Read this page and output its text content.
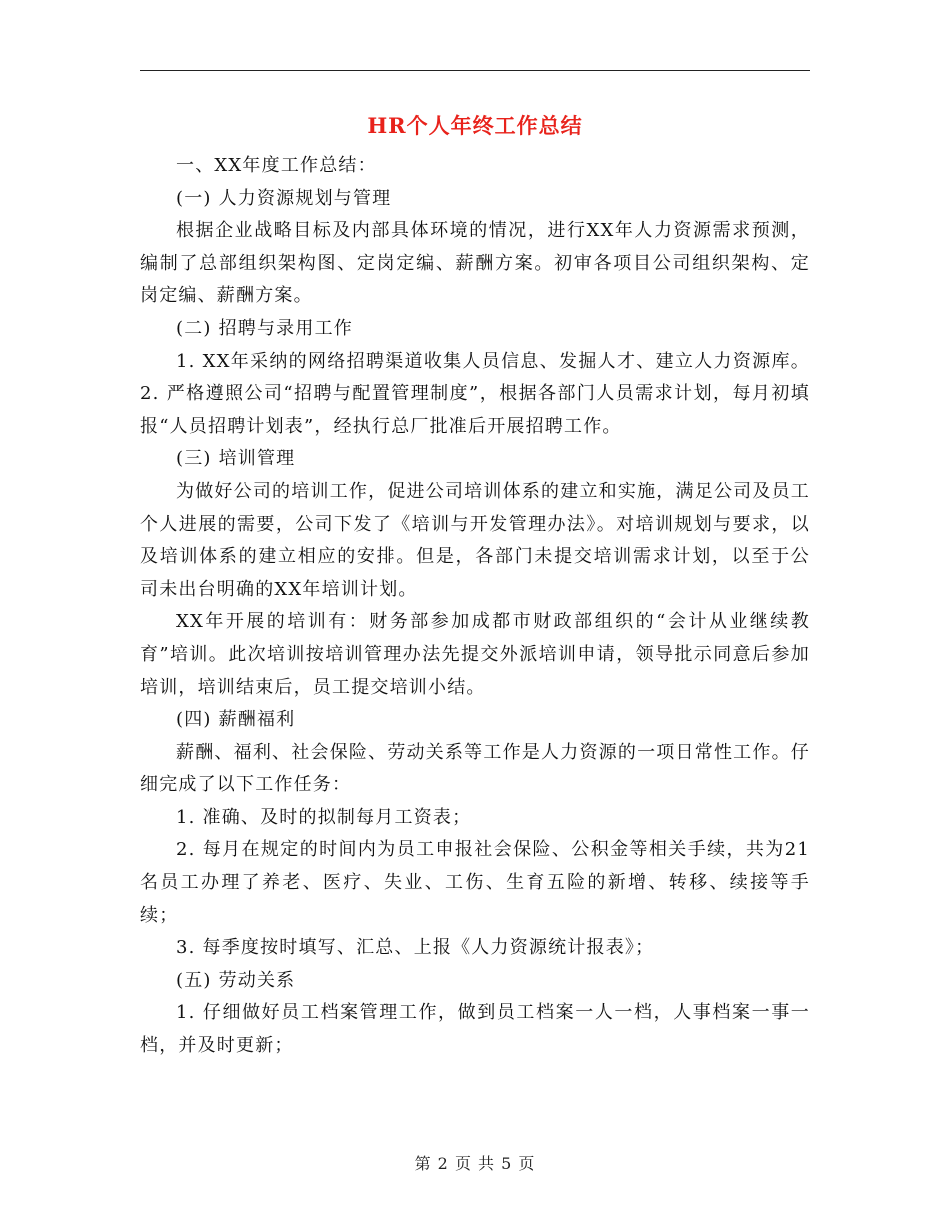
HR个人年终工作总结

一、XX年度工作总结：

(一) 人力资源规划与管理

根据企业战略目标及内部具体环境的情况，进行XX年人力资源需求预测，编制了总部组织架构图、定岗定编、薪酬方案。初审各项目公司组织架构、定岗定编、薪酬方案。

(二) 招聘与录用工作

1. XX年采纳的网络招聘渠道收集人员信息、发掘人才、建立人力资源库。2. 严格遵照公司“招聘与配置管理制度”，根据各部门人员需求计划，每月初填报“人员招聘计划表”，经执行总厂批准后开展招聘工作。

(三) 培训管理

为做好公司的培训工作，促进公司培训体系的建立和实施，满足公司及员工个人进展的需要，公司下发了《培训与开发管理办法》。对培训规划与要求，以及培训体系的建立相应的安排。但是，各部门未提交培训需求计划，以至于公司未出台明确的XX年培训计划。

XX年开展的培训有：财务部参加成都市财政部组织的“会计从业继续教育”培训。此次培训按培训管理办法先提交外派培训申请，领导批示同意后参加培训，培训结束后，员工提交培训小结。

(四) 薪酬福利

薪酬、福利、社会保险、劳动关系等工作是人力资源的一项日常性工作。仔细完成了以下工作任务：

1. 准确、及时的拟制每月工资表；

2. 每月在规定的时间内为员工申报社会保险、公积金等相关手续，共为21名员工办理了养老、医疗、失业、工伤、生育五险的新增、转移、续接等手续；

3. 每季度按时填写、汇总、上报《人力资源统计报表》；

(五) 劳动关系

1. 仔细做好员工档案管理工作，做到员工档案一人一档，人事档案一事一档，并及时更新；

第 2 页 共 5 页
